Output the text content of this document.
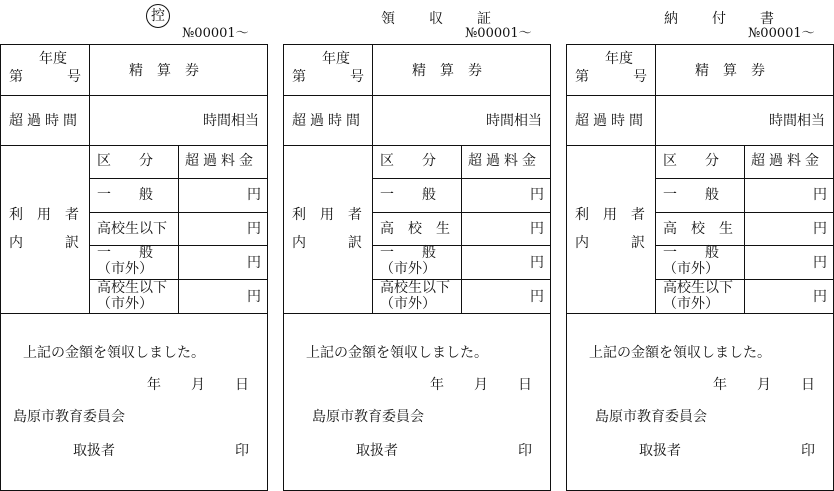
控
№00001～
年度
第	号	精　算　券
超過時間	時間相当
利　用　者
内　　　訳
区　　分 超過料金
一　　般	円
高校生以下	円
一　　般
（市外）	円
高校生以下
（市外）	円
上記の金額を領収しました。
年 月 日
島原市教育委員会
取扱者	印
領　収　証
№00001～
年度
第	号	精　算　券
超過時間	時間相当
利　用　者
内　　　訳
区　　分 超過料金
一　　般	円
高　校　生	円
一　　般
（市外）	円
高校生以下
（市外）	円
上記の金額を領収しました。
年 月 日
島原市教育委員会
取扱者	印
納　付　書
№00001～
年度
第	号	精　算　券
超過時間	時間相当
利　用　者
内　　　訳
区　　分 超過料金
一　　般	円
高　校　生	円
一　　般
（市外）	円
高校生以下
（市外）	円
上記の金額を領収しました。
年 月 日
島原市教育委員会
取扱者	印
